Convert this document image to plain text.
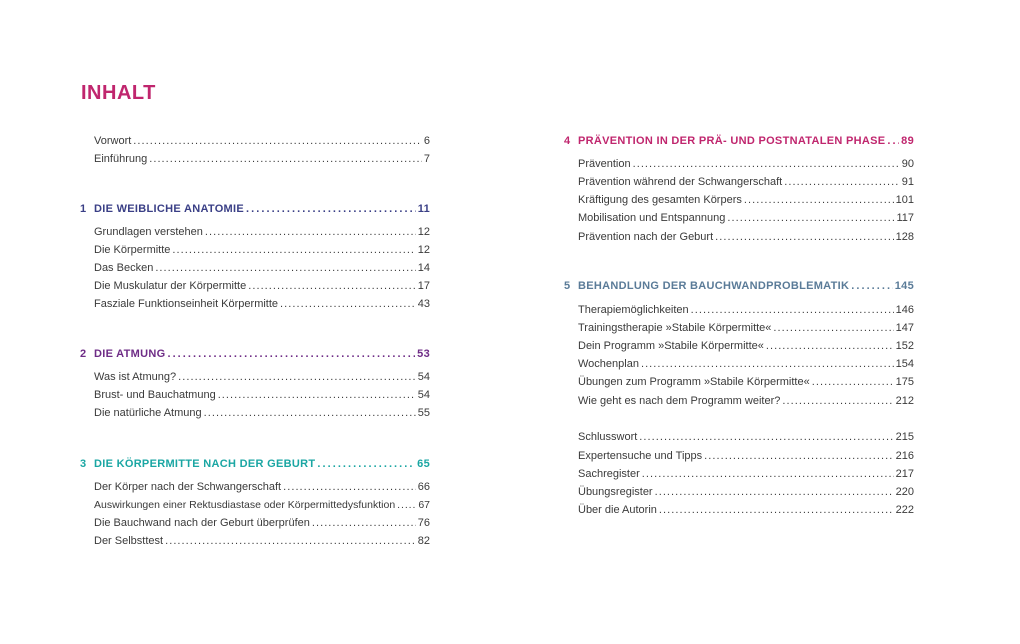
INHALT
Vorwort . . .	6
Einführung . . .	7
1 DIE WEIBLICHE ANATOMIE . . .	11
Grundlagen verstehen . . .	12
Die Körpermitte . . .	12
Das Becken . . .	14
Die Muskulatur der Körpermitte . . .	17
Fasziale Funktionseinheit Körpermitte . . .	43
2 DIE ATMUNG . . .	53
Was ist Atmung? . . .	54
Brust- und Bauchatmung . . .	54
Die natürliche Atmung . . .	55
3 DIE KÖRPERMITTE NACH DER GEBURT . . .	65
Der Körper nach der Schwangerschaft . . .	66
Auswirkungen einer Rektusdiastase oder Körpermittedysfunktion . . . 67
Die Bauchwand nach der Geburt überprüfen . . .	76
Der Selbsttest . . .	82
4 PRÄVENTION IN DER PRÄ- UND POSTNATALEN PHASE . . . 89
Prävention . . .	90
Prävention während der Schwangerschaft . . .	91
Kräftigung des gesamten Körpers . . .	101
Mobilisation und Entspannung . . .	117
Prävention nach der Geburt . . .	128
5 BEHANDLUNG DER BAUCHWANDPROBLEMATIK . . .	145
Therapiemöglichkeiten . . .	146
Trainingstherapie »Stabile Körpermitte« . . .	147
Dein Programm »Stabile Körpermitte« . . .	152
Wochenplan . . .	154
Übungen zum Programm »Stabile Körpermitte« . . .	175
Wie geht es nach dem Programm weiter? . . .	212
Schlusswort . . .	215
Expertensuche und Tipps . . .	216
Sachregister . . .	217
Übungsregister . . .	220
Über die Autorin . . .	222
